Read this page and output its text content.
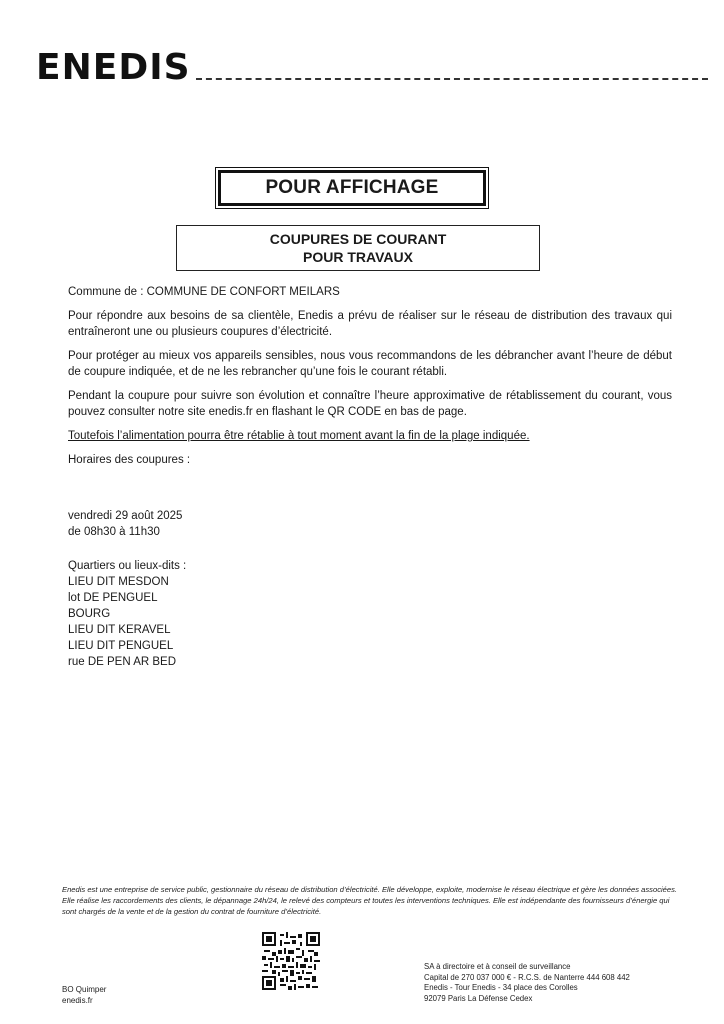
ENEDIS
POUR AFFICHAGE
COUPURES DE COURANT
POUR TRAVAUX

Commune de : COMMUNE DE CONFORT MEILARS

Pour répondre aux besoins de sa clientèle, Enedis a prévu de réaliser sur le réseau de distribution des travaux qui entraîneront une ou plusieurs coupures d’électricité.

Pour protéger au mieux vos appareils sensibles, nous vous recommandons de les débrancher avant l’heure de début de coupure indiquée, et de ne les rebrancher qu’une fois le courant rétabli.

Pendant la coupure pour suivre son évolution et connaître l’heure approximative de rétablissement du courant, vous pouvez consulter notre site enedis.fr en flashant le QR CODE en bas de page.

Toutefois l’alimentation pourra être rétablie à tout moment avant la fin de la plage indiquée.

Horaires des coupures :

vendredi 29 août 2025
de 08h30 à 11h30
Quartiers ou lieux-dits :
LIEU DIT MESDON
lot DE PENGUEL
BOURG
LIEU DIT KERAVEL
LIEU DIT PENGUEL
rue DE PEN AR BED
Enedis est une entreprise de service public, gestionnaire du réseau de distribution d’électricité. Elle développe, exploite, modernise le réseau électrique et gère les données associées. Elle réalise les raccordements des clients, le dépannage 24h/24, le relevé des compteurs et toutes les interventions techniques. Elle est indépendante des fournisseurs d’énergie qui sont chargés de la vente et de la gestion du contrat de fourniture d’électricité.
SA à directoire et à conseil de surveillance
Capital de 270 037 000 € - R.C.S. de Nanterre 444 608 442
Enedis - Tour Enedis - 34 place des Corolles
92079 Paris La Défense Cedex
BO Quimper
enedis.fr
